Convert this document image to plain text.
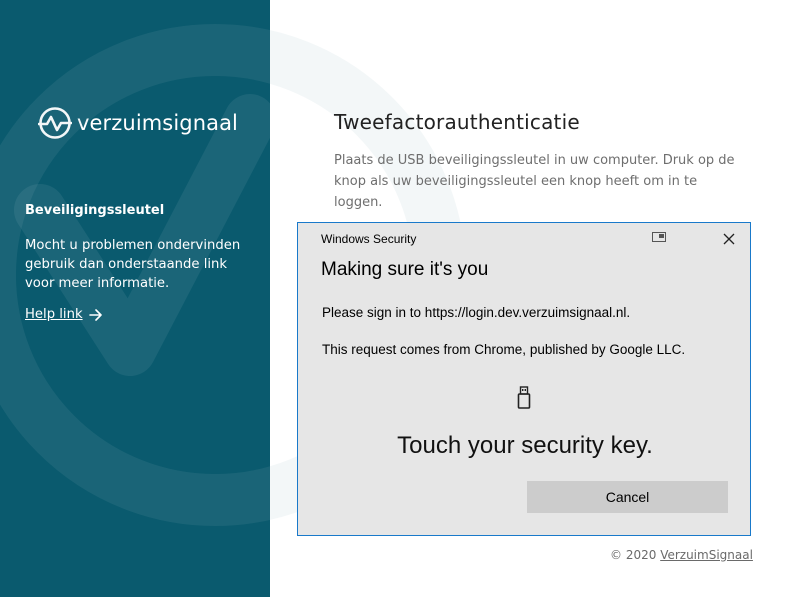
verzuimsignaal
Beveiligingssleutel
Mocht u problemen ondervinden gebruik dan onderstaande link voor meer informatie.
Help link
Tweefactorauthenticatie
Plaats de USB beveiligingssleutel in uw computer. Druk op de knop als uw beveiligingssleutel een knop heeft om in te loggen.
Windows Security
Making sure it's you
Please sign in to https://login.dev.verzuimsignaal.nl.
This request comes from Chrome, published by Google LLC.
Touch your security key.
Cancel
© 2020 VerzuimSignaal
